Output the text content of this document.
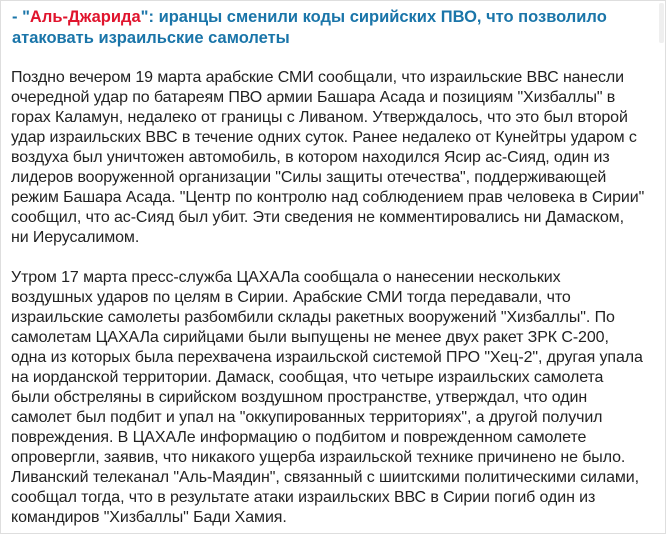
- "Аль-Джарида": иранцы сменили коды сирийских ПВО, что позволило атаковать израильские самолеты

Поздно вечером 19 марта арабские СМИ сообщали, что израильские ВВС нанесли очередной удар по батареям ПВО армии Башара Асада и позициям "Хизбаллы" в горах Каламун, недалеко от границы с Ливаном. Утверждалось, что это был второй удар израильских ВВС в течение одних суток. Ранее недалеко от Кунейтры ударом с воздуха был уничтожен автомобиль, в котором находился Ясир ас-Сияд, один из лидеров вооруженной организации "Силы защиты отечества", поддерживающей режим Башара Асада. "Центр по контролю над соблюдением прав человека в Сирии" сообщил, что ас-Сияд был убит. Эти сведения не комментировались ни Дамаском, ни Иерусалимом.

Утром 17 марта пресс-служба ЦАХАЛа сообщала о нанесении нескольких воздушных ударов по целям в Сирии. Арабские СМИ тогда передавали, что израильские самолеты разбомбили склады ракетных вооружений "Хизбаллы". По самолетам ЦАХАЛа сирийцами были выпущены не менее двух ракет ЗРК С-200, одна из которых была перехвачена израильской системой ПРО "Хец-2", другая упала на иорданской территории. Дамаск, сообщая, что четыре израильских самолета были обстреляны в сирийском воздушном пространстве, утверждал, что один самолет был подбит и упал на "оккупированных территориях", а другой получил повреждения. В ЦАХАЛе информацию о подбитом и поврежденном самолете опровергли, заявив, что никакого ущерба израильской технике причинено не было. Ливанский телеканал "Аль-Маядин", связанный с шиитскими политическими силами, сообщал тогда, что в результате атаки израильских ВВС в Сирии погиб один из командиров "Хизбаллы" Бади Хамия.
